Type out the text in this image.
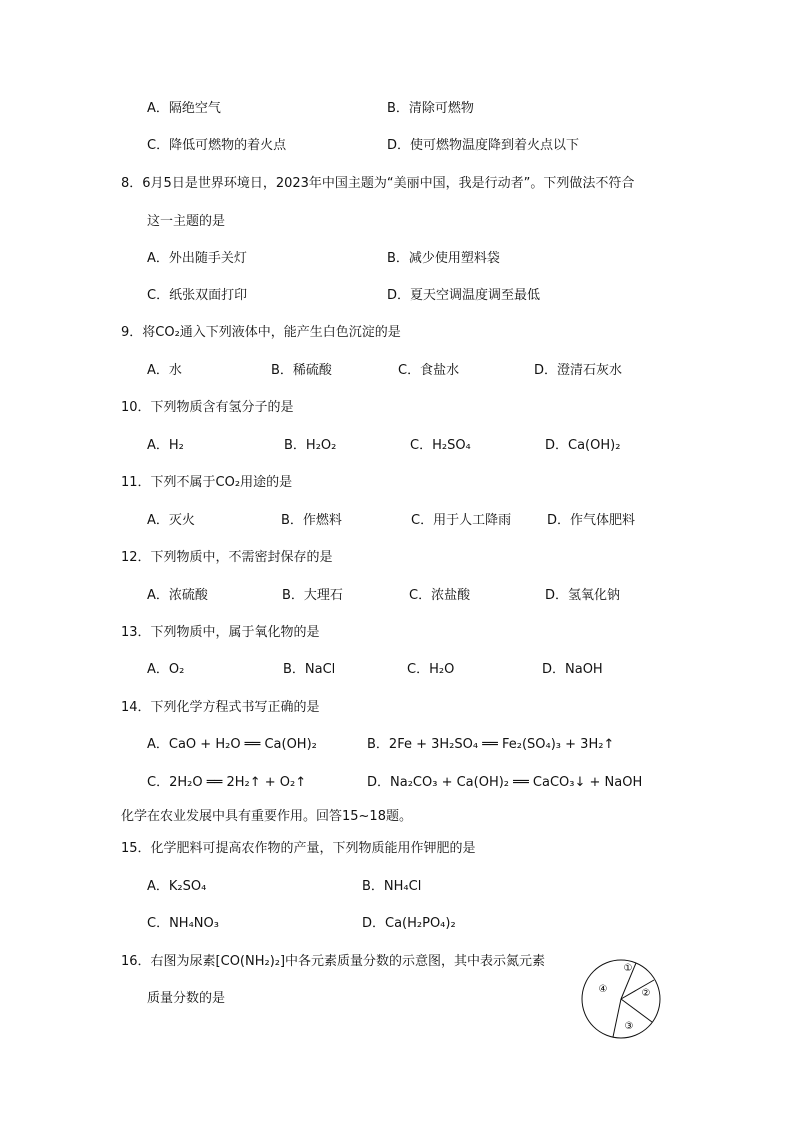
A．隔绝空气	B．清除可燃物
C．降低可燃物的着火点	D．使可燃物温度降到着火点以下
8．6月5日是世界环境日，2023年中国主题为“美丽中国，我是行动者”。下列做法不符合
这一主题的是
A．外出随手关灯	B．减少使用塑料袋
C．纸张双面打印	D．夏天空调温度调至最低
9．将CO₂通入下列液体中，能产生白色沉淀的是
A．水	B．稀硫酸	C．食盐水	D．澄清石灰水
10．下列物质含有氢分子的是
A．H₂	B．H₂O₂	C．H₂SO₄	D．Ca(OH)₂
11．下列不属于CO₂用途的是
A．灭火	B．作燃料	C．用于人工降雨	D．作气体肥料
12．下列物质中，不需密封保存的是
A．浓硫酸	B．大理石	C．浓盐酸	D．氢氧化钠
13．下列物质中，属于氧化物的是
A．O₂	B．NaCl	C．H₂O	D．NaOH
14．下列化学方程式书写正确的是
A．CaO + H₂O ══ Ca(OH)₂	B．2Fe + 3H₂SO₄ ══ Fe₂(SO₄)₃ + 3H₂↑
C．2H₂O ══ 2H₂↑ + O₂↑	D．Na₂CO₃ + Ca(OH)₂ ══ CaCO₃↓ + NaOH
化学在农业发展中具有重要作用。回答15~18题。
15．化学肥料可提高农作物的产量，下列物质能用作钾肥的是
A．K₂SO₄	B．NH₄Cl
C．NH₄NO₃	D．Ca(H₂PO₄)₂
16．右图为尿素[CO(NH₂)₂]中各元素质量分数的示意图，其中表示氮元素
质量分数的是
①
②
③
④
